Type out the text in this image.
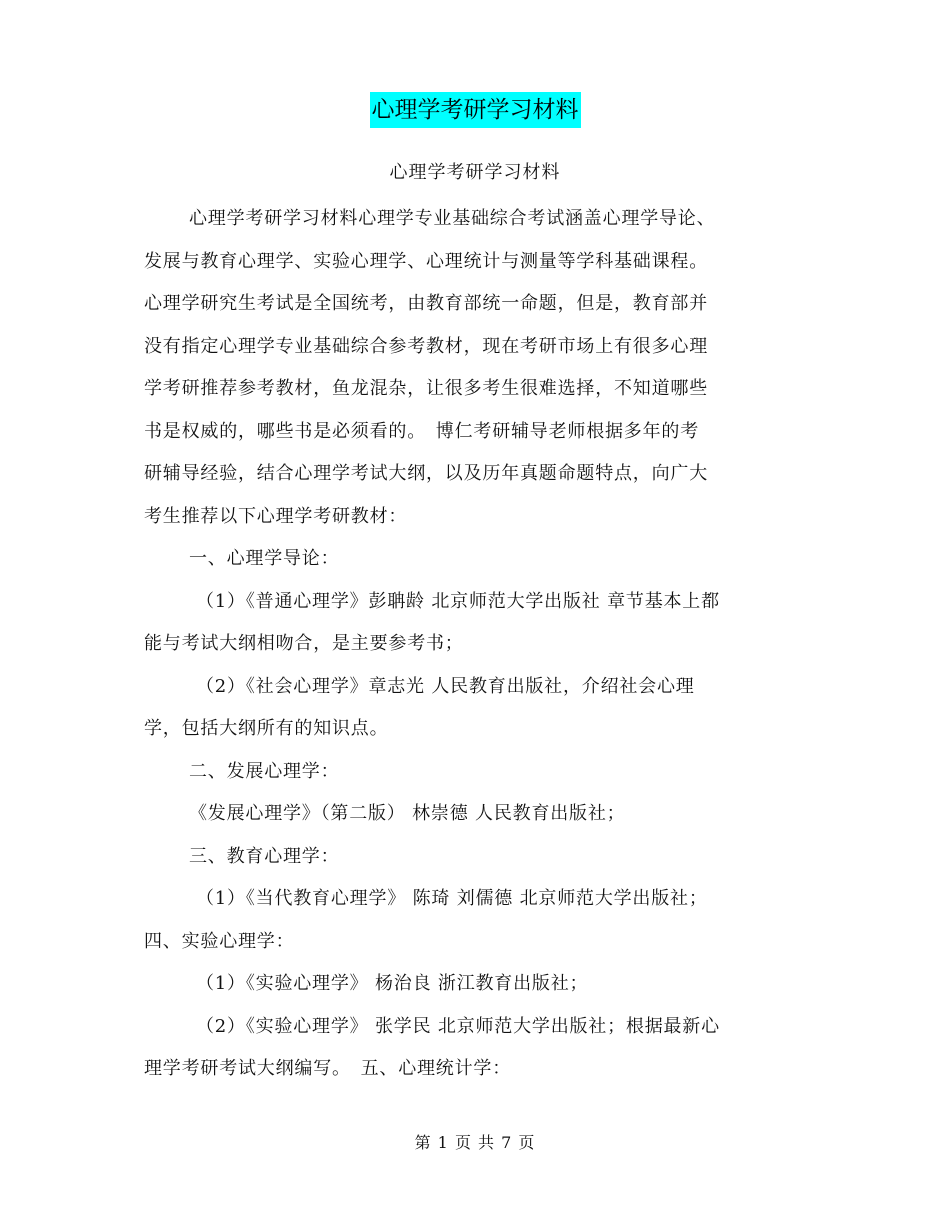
心理学考研学习材料
心理学考研学习材料
心理学考研学习材料心理学专业基础综合考试涵盖心理学导论、
发展与教育心理学、实验心理学、心理统计与测量等学科基础课程。
心理学研究生考试是全国统考，由教育部统一命题，但是，教育部并
没有指定心理学专业基础综合参考教材，现在考研市场上有很多心理
学考研推荐参考教材，鱼龙混杂，让很多考生很难选择，不知道哪些
书是权威的，哪些书是必须看的。　博仁考研辅导老师根据多年的考
研辅导经验，结合心理学考试大纲，以及历年真题命题特点，向广大
考生推荐以下心理学考研教材：
一、心理学导论：
（1）《普通心理学》彭聃龄 北京师范大学出版社 章节基本上都
能与考试大纲相吻合，是主要参考书；
（2）《社会心理学》章志光 人民教育出版社，介绍社会心理
学，包括大纲所有的知识点。
二、发展心理学：
《发展心理学》（第二版） 林崇德 人民教育出版社；
三、教育心理学：
（1）《当代教育心理学》 陈琦 刘儒德 北京师范大学出版社；
四、实验心理学：
（1）《实验心理学》 杨治良 浙江教育出版社；
（2）《实验心理学》 张学民 北京师范大学出版社；根据最新心
理学考研考试大纲编写。　五、心理统计学：
第 1 页 共 7 页
